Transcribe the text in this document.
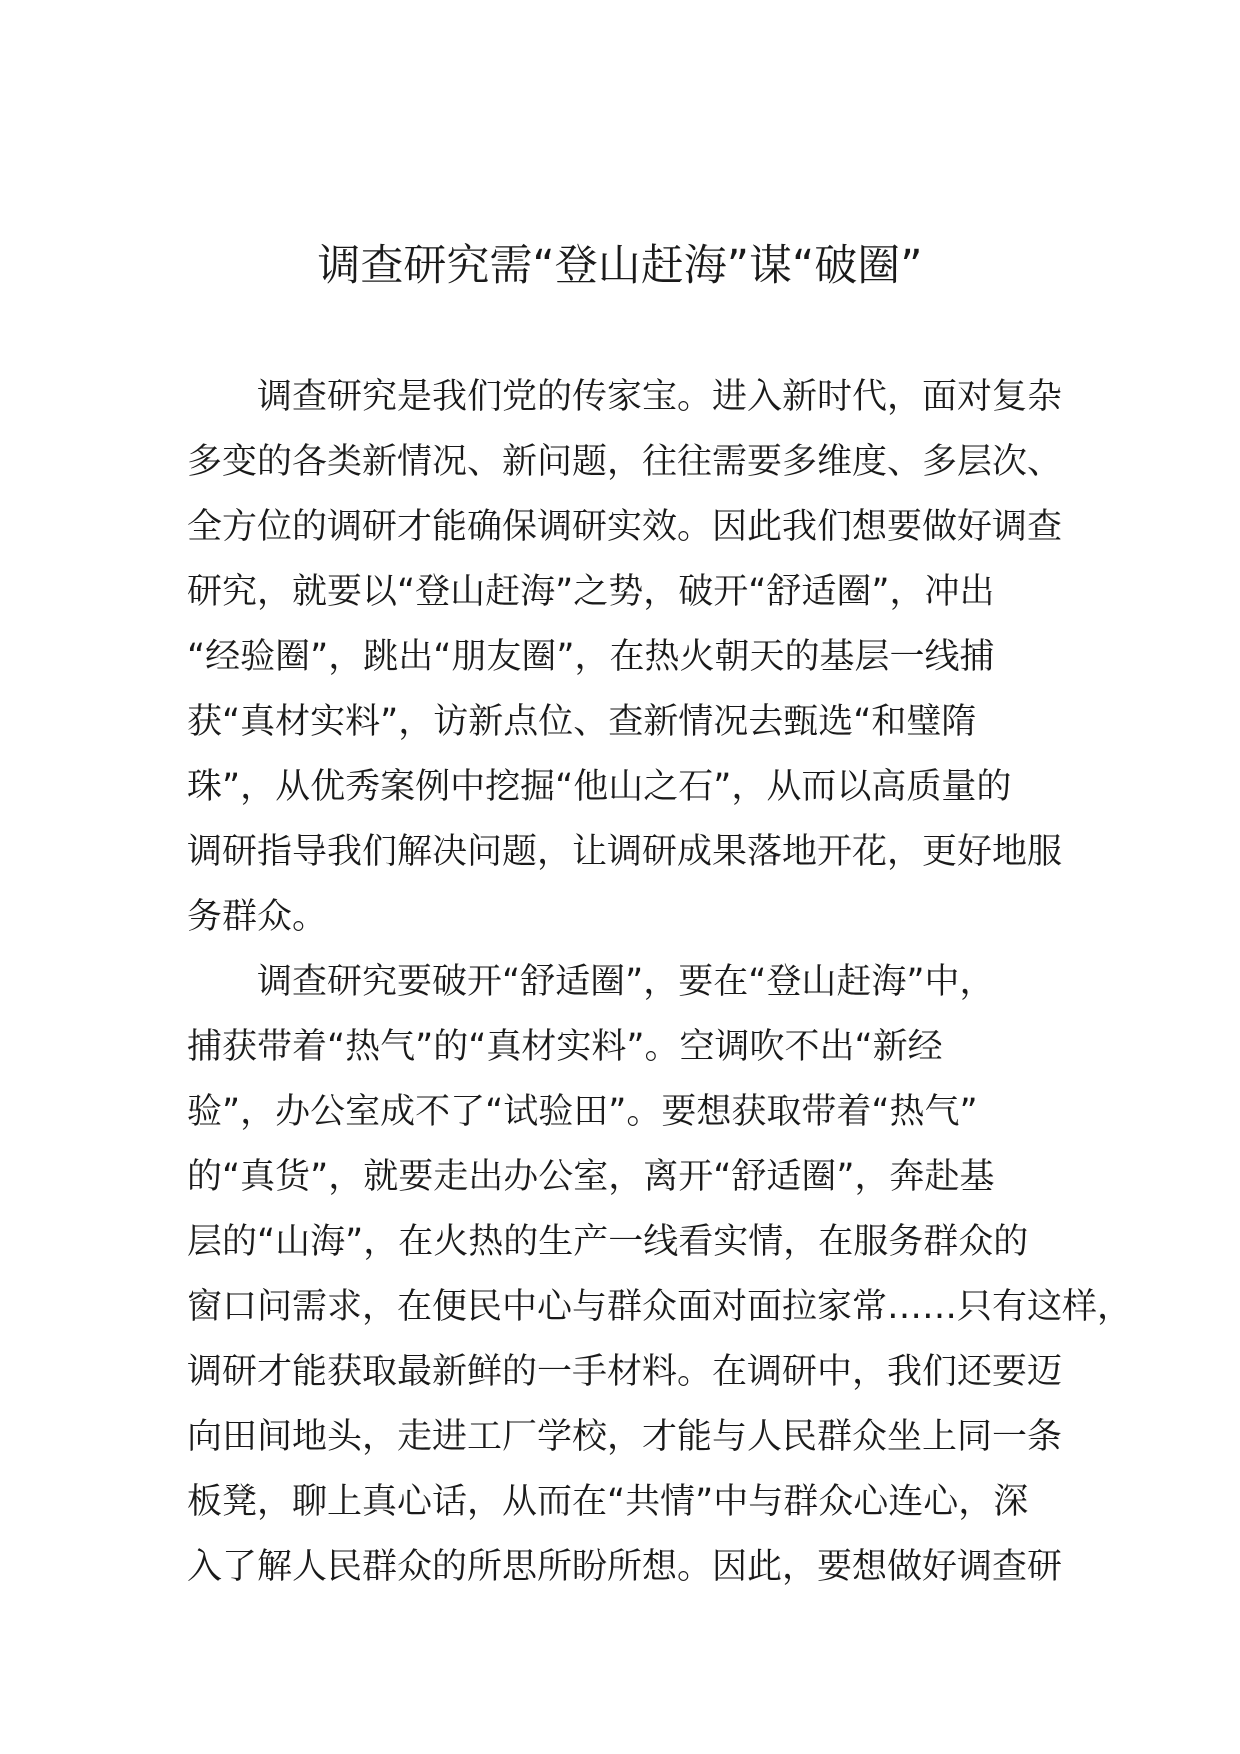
调查研究需“登山赶海”谋“破圈”

调查研究是我们党的传家宝。进入新时代，面对复杂

多变的各类新情况、新问题，往往需要多维度、多层次、

全方位的调研才能确保调研实效。因此我们想要做好调查

研究，就要以“登山赶海”之势，破开“舒适圈”，冲出

“经验圈”，跳出“朋友圈”，在热火朝天的基层一线捕

获“真材实料”，访新点位、查新情况去甄选“和璧隋

珠”，从优秀案例中挖掘“他山之石”，从而以高质量的

调研指导我们解决问题，让调研成果落地开花，更好地服

务群众。

调查研究要破开“舒适圈”，要在“登山赶海”中，

捕获带着“热气”的“真材实料”。空调吹不出“新经

验”，办公室成不了“试验田”。要想获取带着“热气”

的“真货”，就要走出办公室，离开“舒适圈”，奔赴基

层的“山海”，在火热的生产一线看实情，在服务群众的

窗口问需求，在便民中心与群众面对面拉家常……只有这样，

调研才能获取最新鲜的一手材料。在调研中，我们还要迈

向田间地头，走进工厂学校，才能与人民群众坐上同一条

板凳，聊上真心话，从而在“共情”中与群众心连心，深

入了解人民群众的所思所盼所想。因此，要想做好调查研
